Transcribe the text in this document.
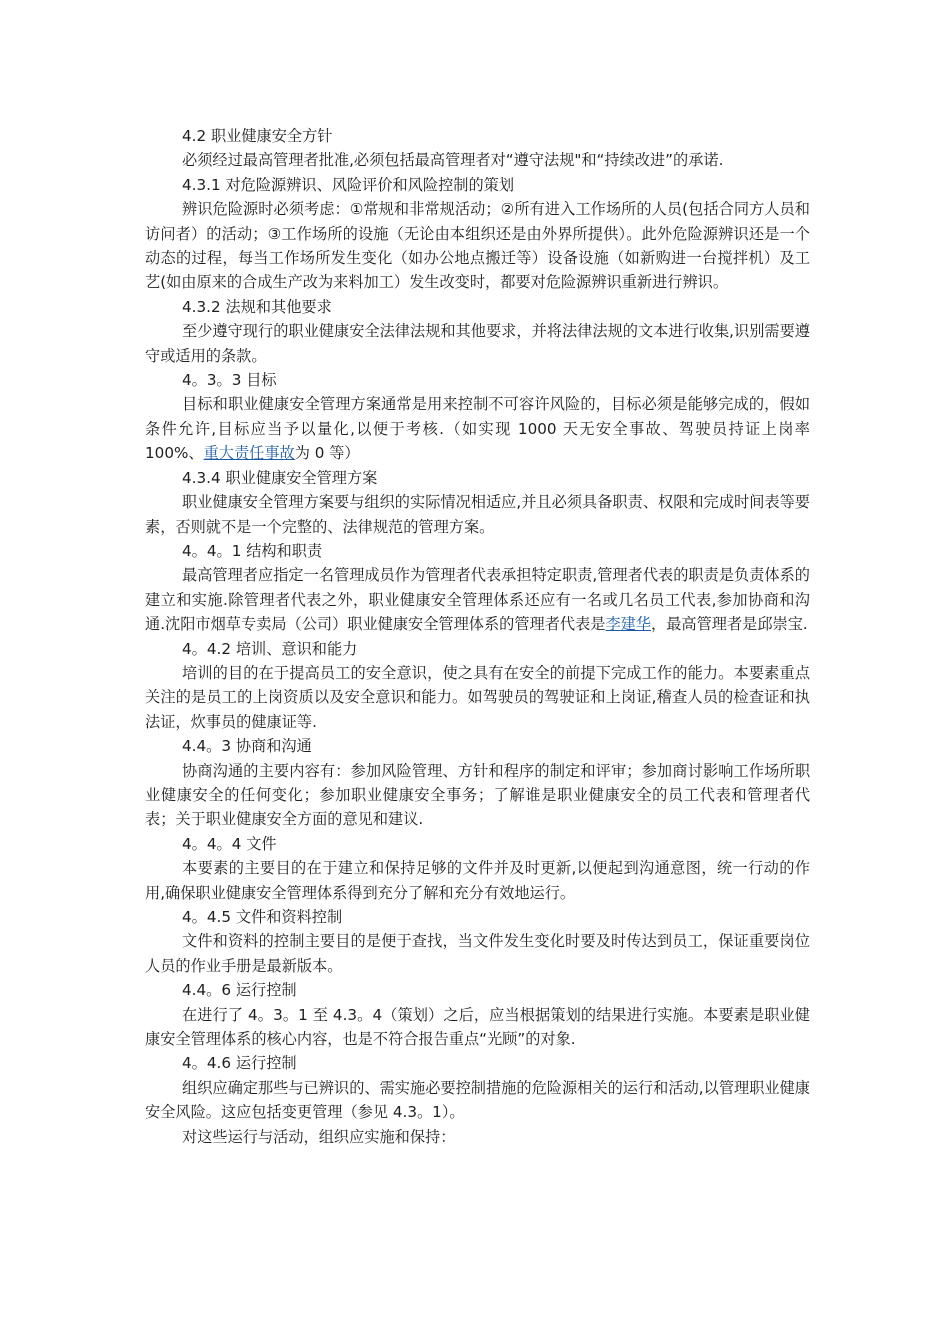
4.2 职业健康安全方针
必须经过最高管理者批准,必须包括最高管理者对“遵守法规"和“持续改进”的承诺.
4.3.1 对危险源辨识、风险评价和风险控制的策划
辨识危险源时必须考虑：①常规和非常规活动；②所有进入工作场所的人员(包括合同方人员和访问者）的活动；③工作场所的设施（无论由本组织还是由外界所提供）。此外危险源辨识还是一个动态的过程，每当工作场所发生变化（如办公地点搬迁等）设备设施（如新购进一台搅拌机）及工艺(如由原来的合成生产改为来料加工）发生改变时，都要对危险源辨识重新进行辨识。
4.3.2 法规和其他要求
至少遵守现行的职业健康安全法律法规和其他要求，并将法律法规的文本进行收集,识别需要遵守或适用的条款。
4。3。3 目标
目标和职业健康安全管理方案通常是用来控制不可容许风险的，目标必须是能够完成的，假如条件允许,目标应当予以量化,以便于考核.（如实现 1000 天无安全事故、驾驶员持证上岗率 100%、重大责任事故为 0 等）
4.3.4 职业健康安全管理方案
职业健康安全管理方案要与组织的实际情况相适应,并且必须具备职责、权限和完成时间表等要素，否则就不是一个完整的、法律规范的管理方案。
4。4。1 结构和职责
最高管理者应指定一名管理成员作为管理者代表承担特定职责,管理者代表的职责是负责体系的建立和实施.除管理者代表之外，职业健康安全管理体系还应有一名或几名员工代表,参加协商和沟通.沈阳市烟草专卖局（公司）职业健康安全管理体系的管理者代表是李建华，最高管理者是邱崇宝.
4。4.2 培训、意识和能力
培训的目的在于提高员工的安全意识，使之具有在安全的前提下完成工作的能力。本要素重点关注的是员工的上岗资质以及安全意识和能力。如驾驶员的驾驶证和上岗证,稽查人员的检查证和执法证，炊事员的健康证等.
4.4。3 协商和沟通
协商沟通的主要内容有：参加风险管理、方针和程序的制定和评审；参加商讨影响工作场所职业健康安全的任何变化；参加职业健康安全事务；了解谁是职业健康安全的员工代表和管理者代表；关于职业健康安全方面的意见和建议.
4。4。4 文件
本要素的主要目的在于建立和保持足够的文件并及时更新,以便起到沟通意图，统一行动的作用,确保职业健康安全管理体系得到充分了解和充分有效地运行。
4。4.5 文件和资料控制
文件和资料的控制主要目的是便于查找，当文件发生变化时要及时传达到员工，保证重要岗位人员的作业手册是最新版本。
4.4。6 运行控制
在进行了 4。3。1 至 4.3。4（策划）之后，应当根据策划的结果进行实施。本要素是职业健康安全管理体系的核心内容，也是不符合报告重点“光顾”的对象.
4。4.6 运行控制
组织应确定那些与已辨识的、需实施必要控制措施的危险源相关的运行和活动,以管理职业健康安全风险。这应包括变更管理（参见 4.3。1）。
对这些运行与活动，组织应实施和保持：
